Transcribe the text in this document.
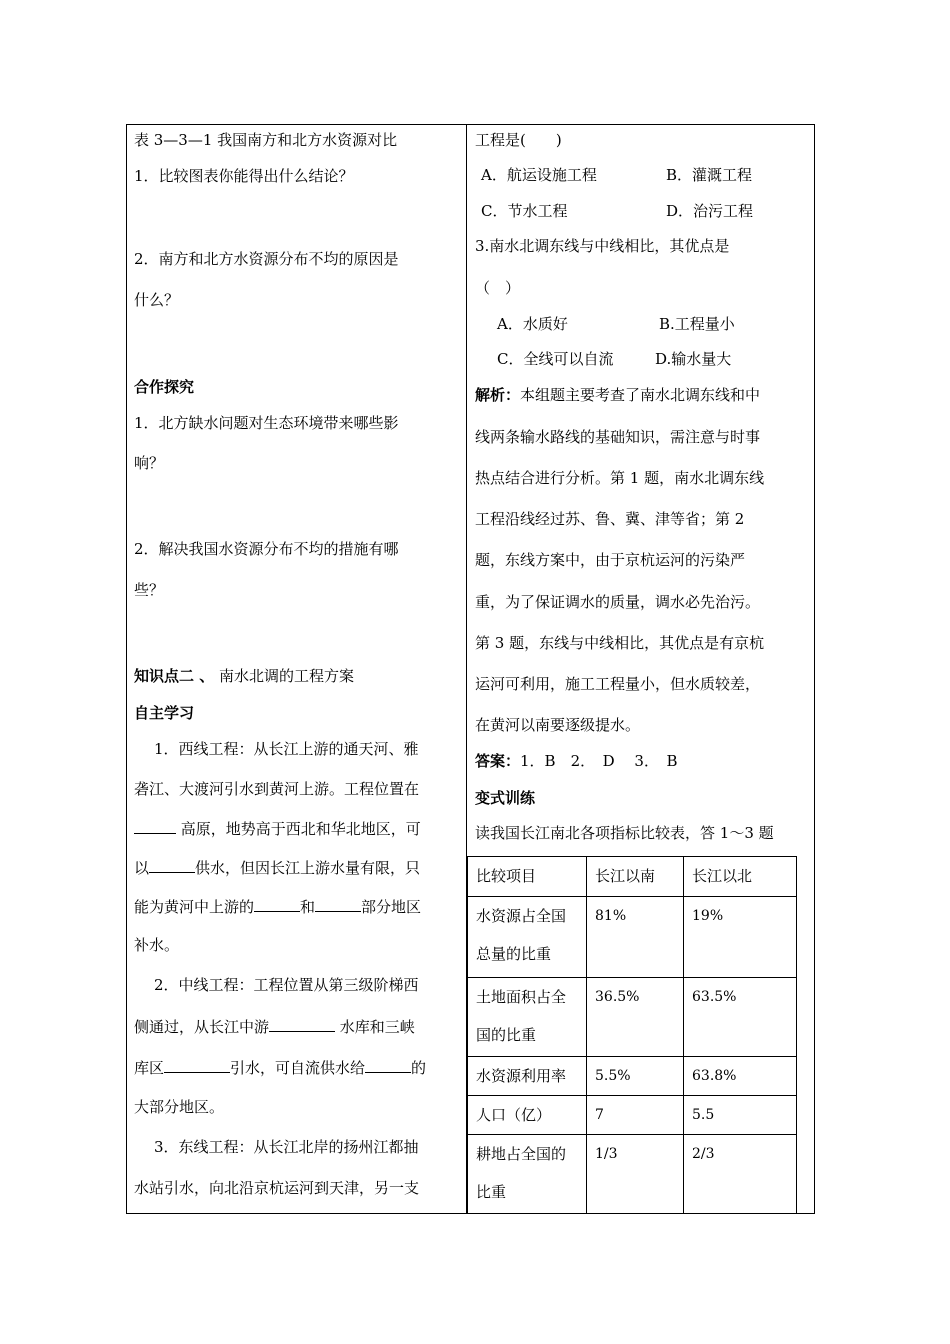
表 3—3—1 我国南方和北方水资源对比
1．比较图表你能得出什么结论？
2．南方和北方水资源分布不均的原因是
什么？
合作探究
1．北方缺水问题对生态环境带来哪些影
响？
2．解决我国水资源分布不均的措施有哪
些？
知识点二 、 南水北调的工程方案
自主学习
1．西线工程：从长江上游的通天河、雅
砻江、大渡河引水到黄河上游。工程位置在
高原，地势高于西北和华北地区，可
以	供水，但因长江上游水量有限，只
能为黄河中上游的	和	部分地区
补水。
2．中线工程：工程位置从第三级阶梯西
侧通过，从长江中游	水库和三峡
库区	引水，可自流供水给	的
大部分地区。
3．东线工程：从长江北岸的扬州江都抽
水站引水，向北沿京杭运河到天津，另一支
工程是(　　)
A．航运设施工程	B．灌溉工程
C．节水工程	D．治污工程
3.南水北调东线与中线相比，其优点是
（　）
A．水质好	B.工程量小
C．全线可以自流	D.输水量大
解析：本组题主要考查了南水北调东线和中
线两条输水路线的基础知识，需注意与时事
热点结合进行分析。第 1 题，南水北调东线
工程沿线经过苏、鲁、冀、津等省；第 2
题，东线方案中，由于京杭运河的污染严
重，为了保证调水的质量，调水必先治污。
第 3 题，东线与中线相比，其优点是有京杭
运河可利用，施工工程量小，但水质较差，
在黄河以南要逐级提水。
答案：1．B　2．　D　 3．　B
变式训练
读我国长江南北各项指标比较表，答 1～3 题
比较项目	长江以南	长江以北

水资源占全国
总量的比重	81%	19%

土地面积占全
国的比重	36.5%	63.5%
水资源利用率	5.5%	63.8%
人口（亿）	7	5.5

耕地占全国的
比重	1/3	2/3
